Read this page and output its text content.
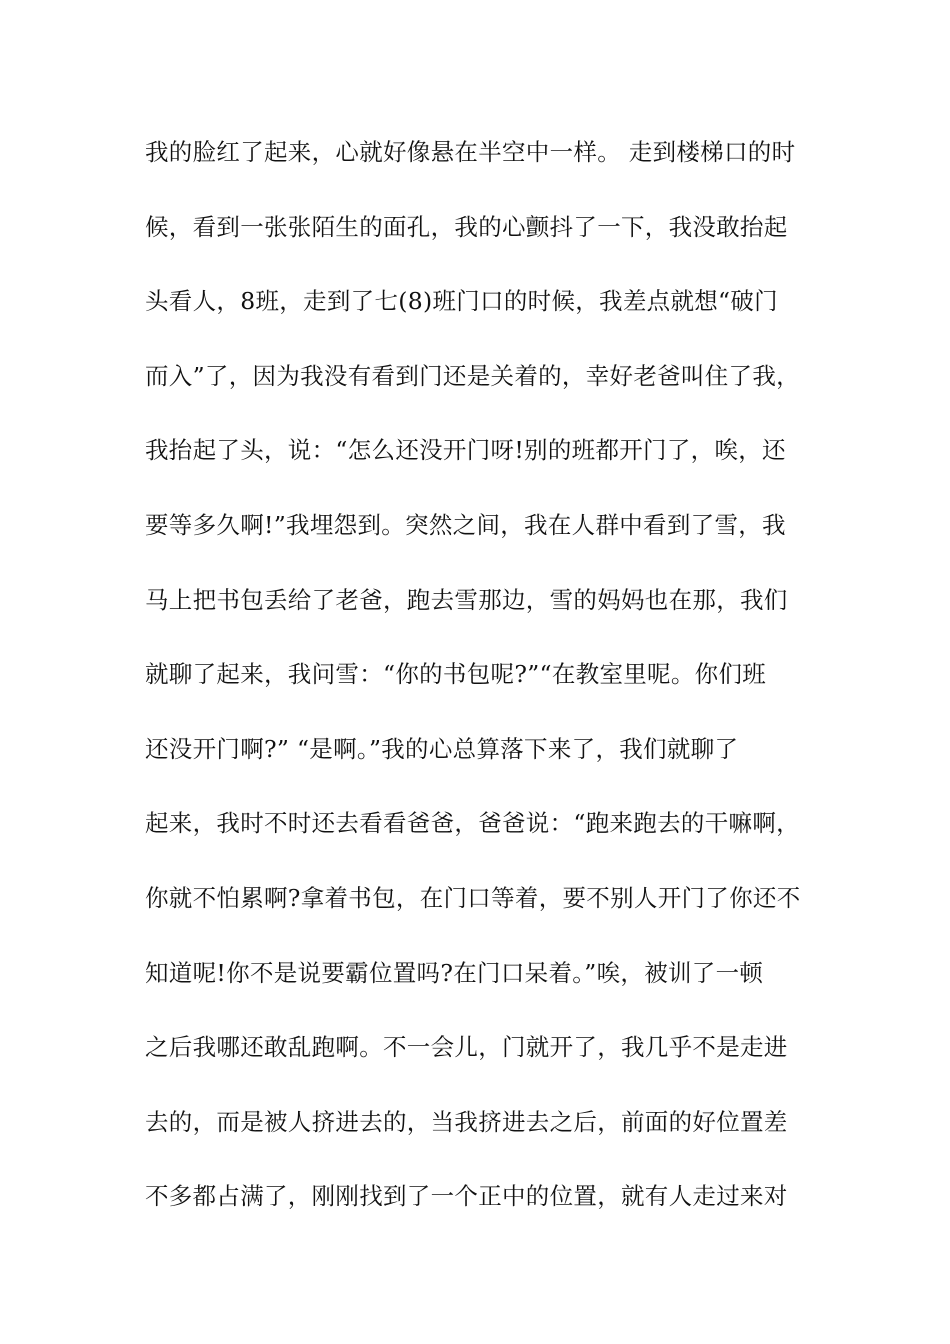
我的脸红了起来，心就好像悬在半空中一样。 走到楼梯口的时
候，看到一张张陌生的面孔，我的心颤抖了一下，我没敢抬起
头看人，8班，走到了七(8)班门口的时候，我差点就想“破门
而入”了，因为我没有看到门还是关着的，幸好老爸叫住了我，
我抬起了头，说：“怎么还没开门呀!别的班都开门了，唉，还
要等多久啊!”我埋怨到。突然之间，我在人群中看到了雪，我
马上把书包丢给了老爸，跑去雪那边，雪的妈妈也在那，我们
就聊了起来，我问雪：“你的书包呢?”“在教室里呢。你们班
还没开门啊?” “是啊。”我的心总算落下来了，我们就聊了
起来，我时不时还去看看爸爸，爸爸说：“跑来跑去的干嘛啊，
你就不怕累啊?拿着书包，在门口等着，要不别人开门了你还不
知道呢!你不是说要霸位置吗?在门口呆着。”唉，被训了一顿
之后我哪还敢乱跑啊。不一会儿，门就开了，我几乎不是走进
去的，而是被人挤进去的，当我挤进去之后，前面的好位置差
不多都占满了，刚刚找到了一个正中的位置，就有人走过来对
